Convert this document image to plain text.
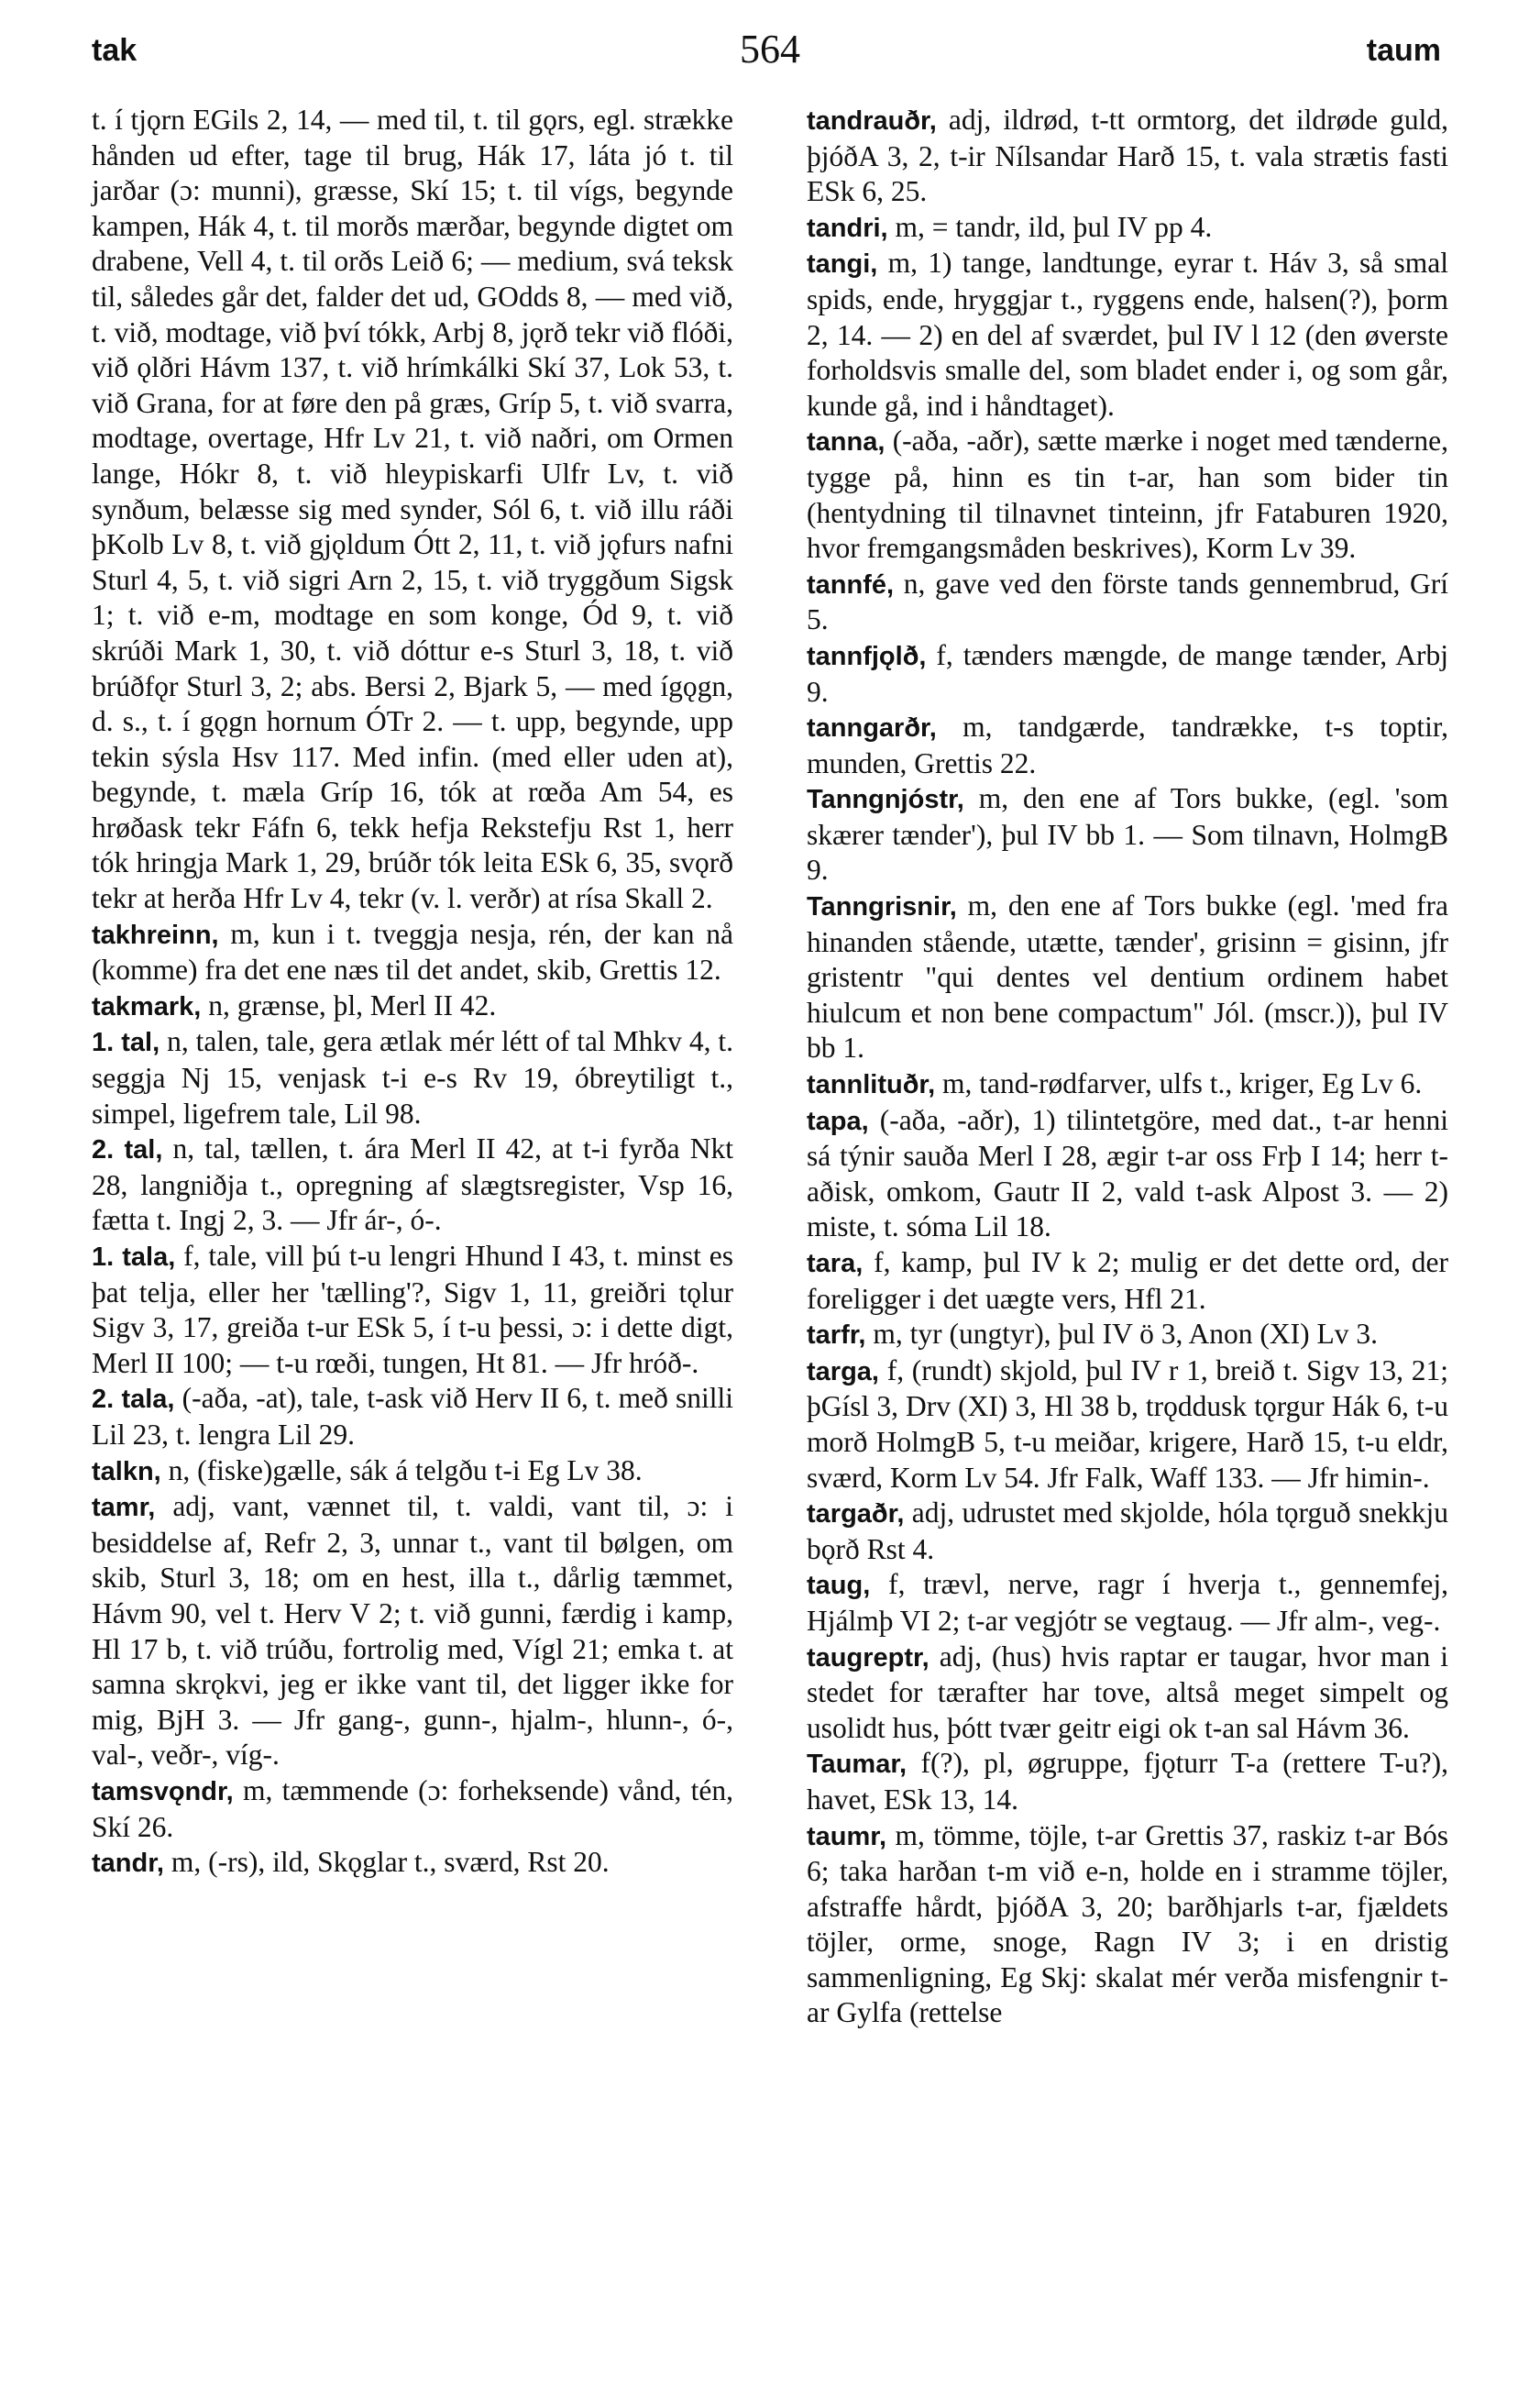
tak	564	taum

t. í tjǫrn EGils 2, 14, — med til, t. til gǫrs, egl. strække hånden ud efter, tage til brug, Hák 17, láta jó t. til jarðar (ɔ: munni), græsse, Skí 15; t. til vígs, begynde kampen, Hák 4, t. til morðs mærðar, begynde digtet om drabene, Vell 4, t. til orðs Leið 6; — medium, svá teksk til, således går det, falder det ud, GOdds 8, — med við, t. við, modtage, við því tókk, Arbj 8, jǫrð tekr við flóði, við ǫlðri Hávm 137, t. við hrímkálki Skí 37, Lok 53, t. við Grana, for at føre den på græs, Gríp 5, t. við svarra, modtage, overtage, Hfr Lv 21, t. við naðri, om Ormen lange, Hókr 8, t. við hleypiskarfi Ulfr Lv, t. við synðum, belæsse sig med synder, Sól 6, t. við illu ráði þKolb Lv 8, t. við gjǫldum Ótt 2, 11, t. við jǫfurs nafni Sturl 4, 5, t. við sigri Arn 2, 15, t. við tryggðum Sigsk 1; t. við e-m, modtage en som konge, Ód 9, t. við skrúði Mark 1, 30, t. við dóttur e-s Sturl 3, 18, t. við brúðfǫr Sturl 3, 2; abs. Bersi 2, Bjark 5, — med ígǫgn, d. s., t. í gǫgn hornum ÓTr 2. — t. upp, begynde, upp tekin sýsla Hsv 117. Med infin. (med eller uden at), begynde, t. mæla Gríp 16, tók at rœða Am 54, es hrøðask tekr Fáfn 6, tekk hefja Rekstefju Rst 1, herr tók hringja Mark 1, 29, brúðr tók leita ESk 6, 35, svǫrð tekr at herða Hfr Lv 4, tekr (v. l. verðr) at rísa Skall 2.

takhreinn, m, kun i t. tveggja nesja, rén, der kan nå (komme) fra det ene næs til det andet, skib, Grettis 12.

takmark, n, grænse, þl, Merl II 42.

1. tal, n, talen, tale, gera ætlak mér létt of tal Mhkv 4, t. seggja Nj 15, venjask t-i e-s Rv 19, óbreytiligt t., simpel, ligefrem tale, Lil 98.

2. tal, n, tal, tællen, t. ára Merl II 42, at t-i fyrða Nkt 28, langniðja t., opregning af slægtsregister, Vsp 16, fætta t. Ingj 2, 3. — Jfr ár-, ó-.

1. tala, f, tale, vill þú t-u lengri Hhund I 43, t. minst es þat telja, eller her 'tælling'?, Sigv 1, 11, greiðri tǫlur Sigv 3, 17, greiða t-ur ESk 5, í t-u þessi, ɔ: i dette digt, Merl II 100; — t-u rœði, tungen, Ht 81. — Jfr hróð-.

2. tala, (-aða, -at), tale, t-ask við Herv II 6, t. með snilli Lil 23, t. lengra Lil 29.

talkn, n, (fiske)gælle, sák á telgðu t-i Eg Lv 38.

tamr, adj, vant, vænnet til, t. valdi, vant til, ɔ: i besiddelse af, Refr 2, 3, unnar t., vant til bølgen, om skib, Sturl 3, 18; om en hest, illa t., dårlig tæmmet, Hávm 90, vel t. Herv V 2; t. við gunni, færdig i kamp, Hl 17 b, t. við trúðu, fortrolig med, Vígl 21; emka t. at samna skrǫkvi, jeg er ikke vant til, det ligger ikke for mig, BjH 3. — Jfr gang-, gunn-, hjalm-, hlunn-, ó-, val-, veðr-, víg-.

tamsvǫndr, m, tæmmende (ɔ: forheksende) vånd, tén, Skí 26.

tandr, m, (-rs), ild, Skǫglar t., sværd, Rst 20.

tandrauðr, adj, ildrød, t-tt ormtorg, det ildrøde guld, þjóðA 3, 2, t-ir Nílsandar Harð 15, t. vala strætis fasti ESk 6, 25.

tandri, m, = tandr, ild, þul IV pp 4.

tangi, m, 1) tange, landtunge, eyrar t. Háv 3, så smal spids, ende, hryggjar t., ryggens ende, halsen(?), þorm 2, 14. — 2) en del af sværdet, þul IV l 12 (den øverste forholdsvis smalle del, som bladet ender i, og som går, kunde gå, ind i håndtaget).

tanna, (-aða, -aðr), sætte mærke i noget med tænderne, tygge på, hinn es tin t-ar, han som bider tin (hentydning til tilnavnet tinteinn, jfr Fataburen 1920, hvor fremgangsmåden beskrives), Korm Lv 39.

tannfé, n, gave ved den förste tands gennembrud, Grí 5.

tannfjǫlð, f, tænders mængde, de mange tænder, Arbj 9.

tanngarðr, m, tandgærde, tandrække, t-s toptir, munden, Grettis 22.

Tanngnjóstr, m, den ene af Tors bukke, (egl. 'som skærer tænder'), þul IV bb 1. — Som tilnavn, HolmgB 9.

Tanngrisnir, m, den ene af Tors bukke (egl. 'med fra hinanden stående, utætte, tænder', grisinn = gisinn, jfr gristentr "qui dentes vel dentium ordinem habet hiulcum et non bene compactum" Jól. (mscr.)), þul IV bb 1.

tannlituðr, m, tand-rødfarver, ulfs t., kriger, Eg Lv 6.

tapa, (-aða, -aðr), 1) tilintetgöre, med dat., t-ar henni sá týnir sauða Merl I 28, ægir t-ar oss Frþ I 14; herr t-aðisk, omkom, Gautr II 2, vald t-ask Alpost 3. — 2) miste, t. sóma Lil 18.

tara, f, kamp, þul IV k 2; mulig er det dette ord, der foreligger i det uægte vers, Hfl 21.

tarfr, m, tyr (ungtyr), þul IV ö 3, Anon (XI) Lv 3.

targa, f, (rundt) skjold, þul IV r 1, breið t. Sigv 13, 21; þGísl 3, Drv (XI) 3, Hl 38 b, trǫddusk tǫrgur Hák 6, t-u morð HolmgB 5, t-u meiðar, krigere, Harð 15, t-u eldr, sværd, Korm Lv 54. Jfr Falk, Waff 133. — Jfr himin-.

targaðr, adj, udrustet med skjolde, hóla tǫrguð snekkju bǫrð Rst 4.

taug, f, trævl, nerve, ragr í hverja t., gennemfej, Hjálmþ VI 2; t-ar vegjótr se vegtaug. — Jfr alm-, veg-.

taugreptr, adj, (hus) hvis raptar er taugar, hvor man i stedet for tærafter har tove, altså meget simpelt og usolidt hus, þótt tvær geitr eigi ok t-an sal Hávm 36.

Taumar, f(?), pl, øgruppe, fjǫturr T-a (rettere T-u?), havet, ESk 13, 14.

taumr, m, tömme, töjle, t-ar Grettis 37, raskiz t-ar Bós 6; taka harðan t-m við e-n, holde en i stramme töjler, afstraffe hårdt, þjóðA 3, 20; barðhjarls t-ar, fjældets töjler, orme, snoge, Ragn IV 3; i en dristig sammenligning, Eg Skj: skalat mér verða misfengnir t-ar Gylfa (rettelse
